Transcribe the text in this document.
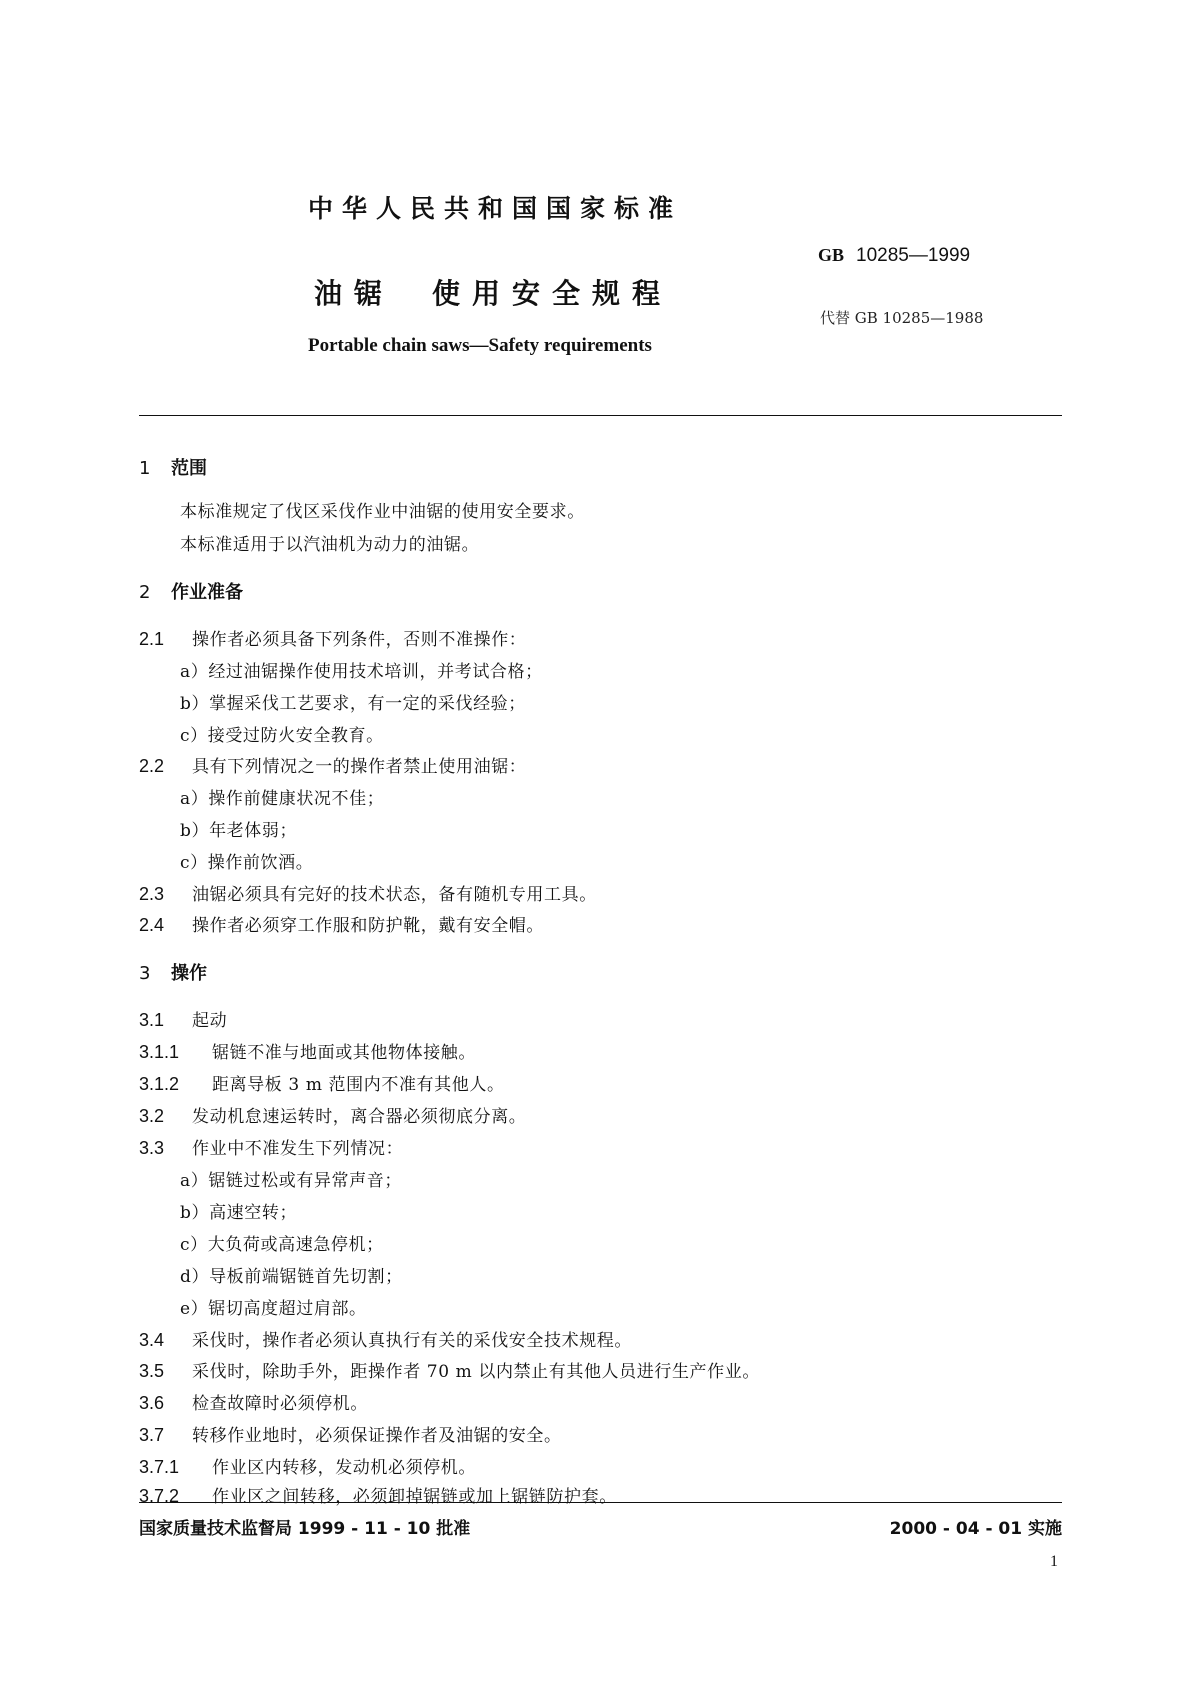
中华人民共和国国家标准
GB 10285—1999
油锯 使用安全规程
代替 GB 10285—1988
Portable chain saws—Safety requirements
1 范围
本标准规定了伐区采伐作业中油锯的使用安全要求。
本标准适用于以汽油机为动力的油锯。
2 作业准备
2.1 操作者必须具备下列条件，否则不准操作：
a）经过油锯操作使用技术培训，并考试合格；
b）掌握采伐工艺要求，有一定的采伐经验；
c）接受过防火安全教育。
2.2 具有下列情况之一的操作者禁止使用油锯：
a）操作前健康状况不佳；
b）年老体弱；
c）操作前饮酒。
2.3 油锯必须具有完好的技术状态，备有随机专用工具。
2.4 操作者必须穿工作服和防护靴，戴有安全帽。
3 操作
3.1 起动
3.1.1 锯链不准与地面或其他物体接触。
3.1.2 距离导板 3 m 范围内不准有其他人。
3.2 发动机怠速运转时，离合器必须彻底分离。
3.3 作业中不准发生下列情况：
a）锯链过松或有异常声音；
b）高速空转；
c）大负荷或高速急停机；
d）导板前端锯链首先切割；
e）锯切高度超过肩部。
3.4 采伐时，操作者必须认真执行有关的采伐安全技术规程。
3.5 采伐时，除助手外，距操作者 70 m 以内禁止有其他人员进行生产作业。
3.6 检查故障时必须停机。
3.7 转移作业地时，必须保证操作者及油锯的安全。
3.7.1 作业区内转移，发动机必须停机。
3.7.2 作业区之间转移，必须卸掉锯链或加上锯链防护套。
国家质量技术监督局 1999 - 11 - 10 批准	2000 - 04 - 01 实施
1
